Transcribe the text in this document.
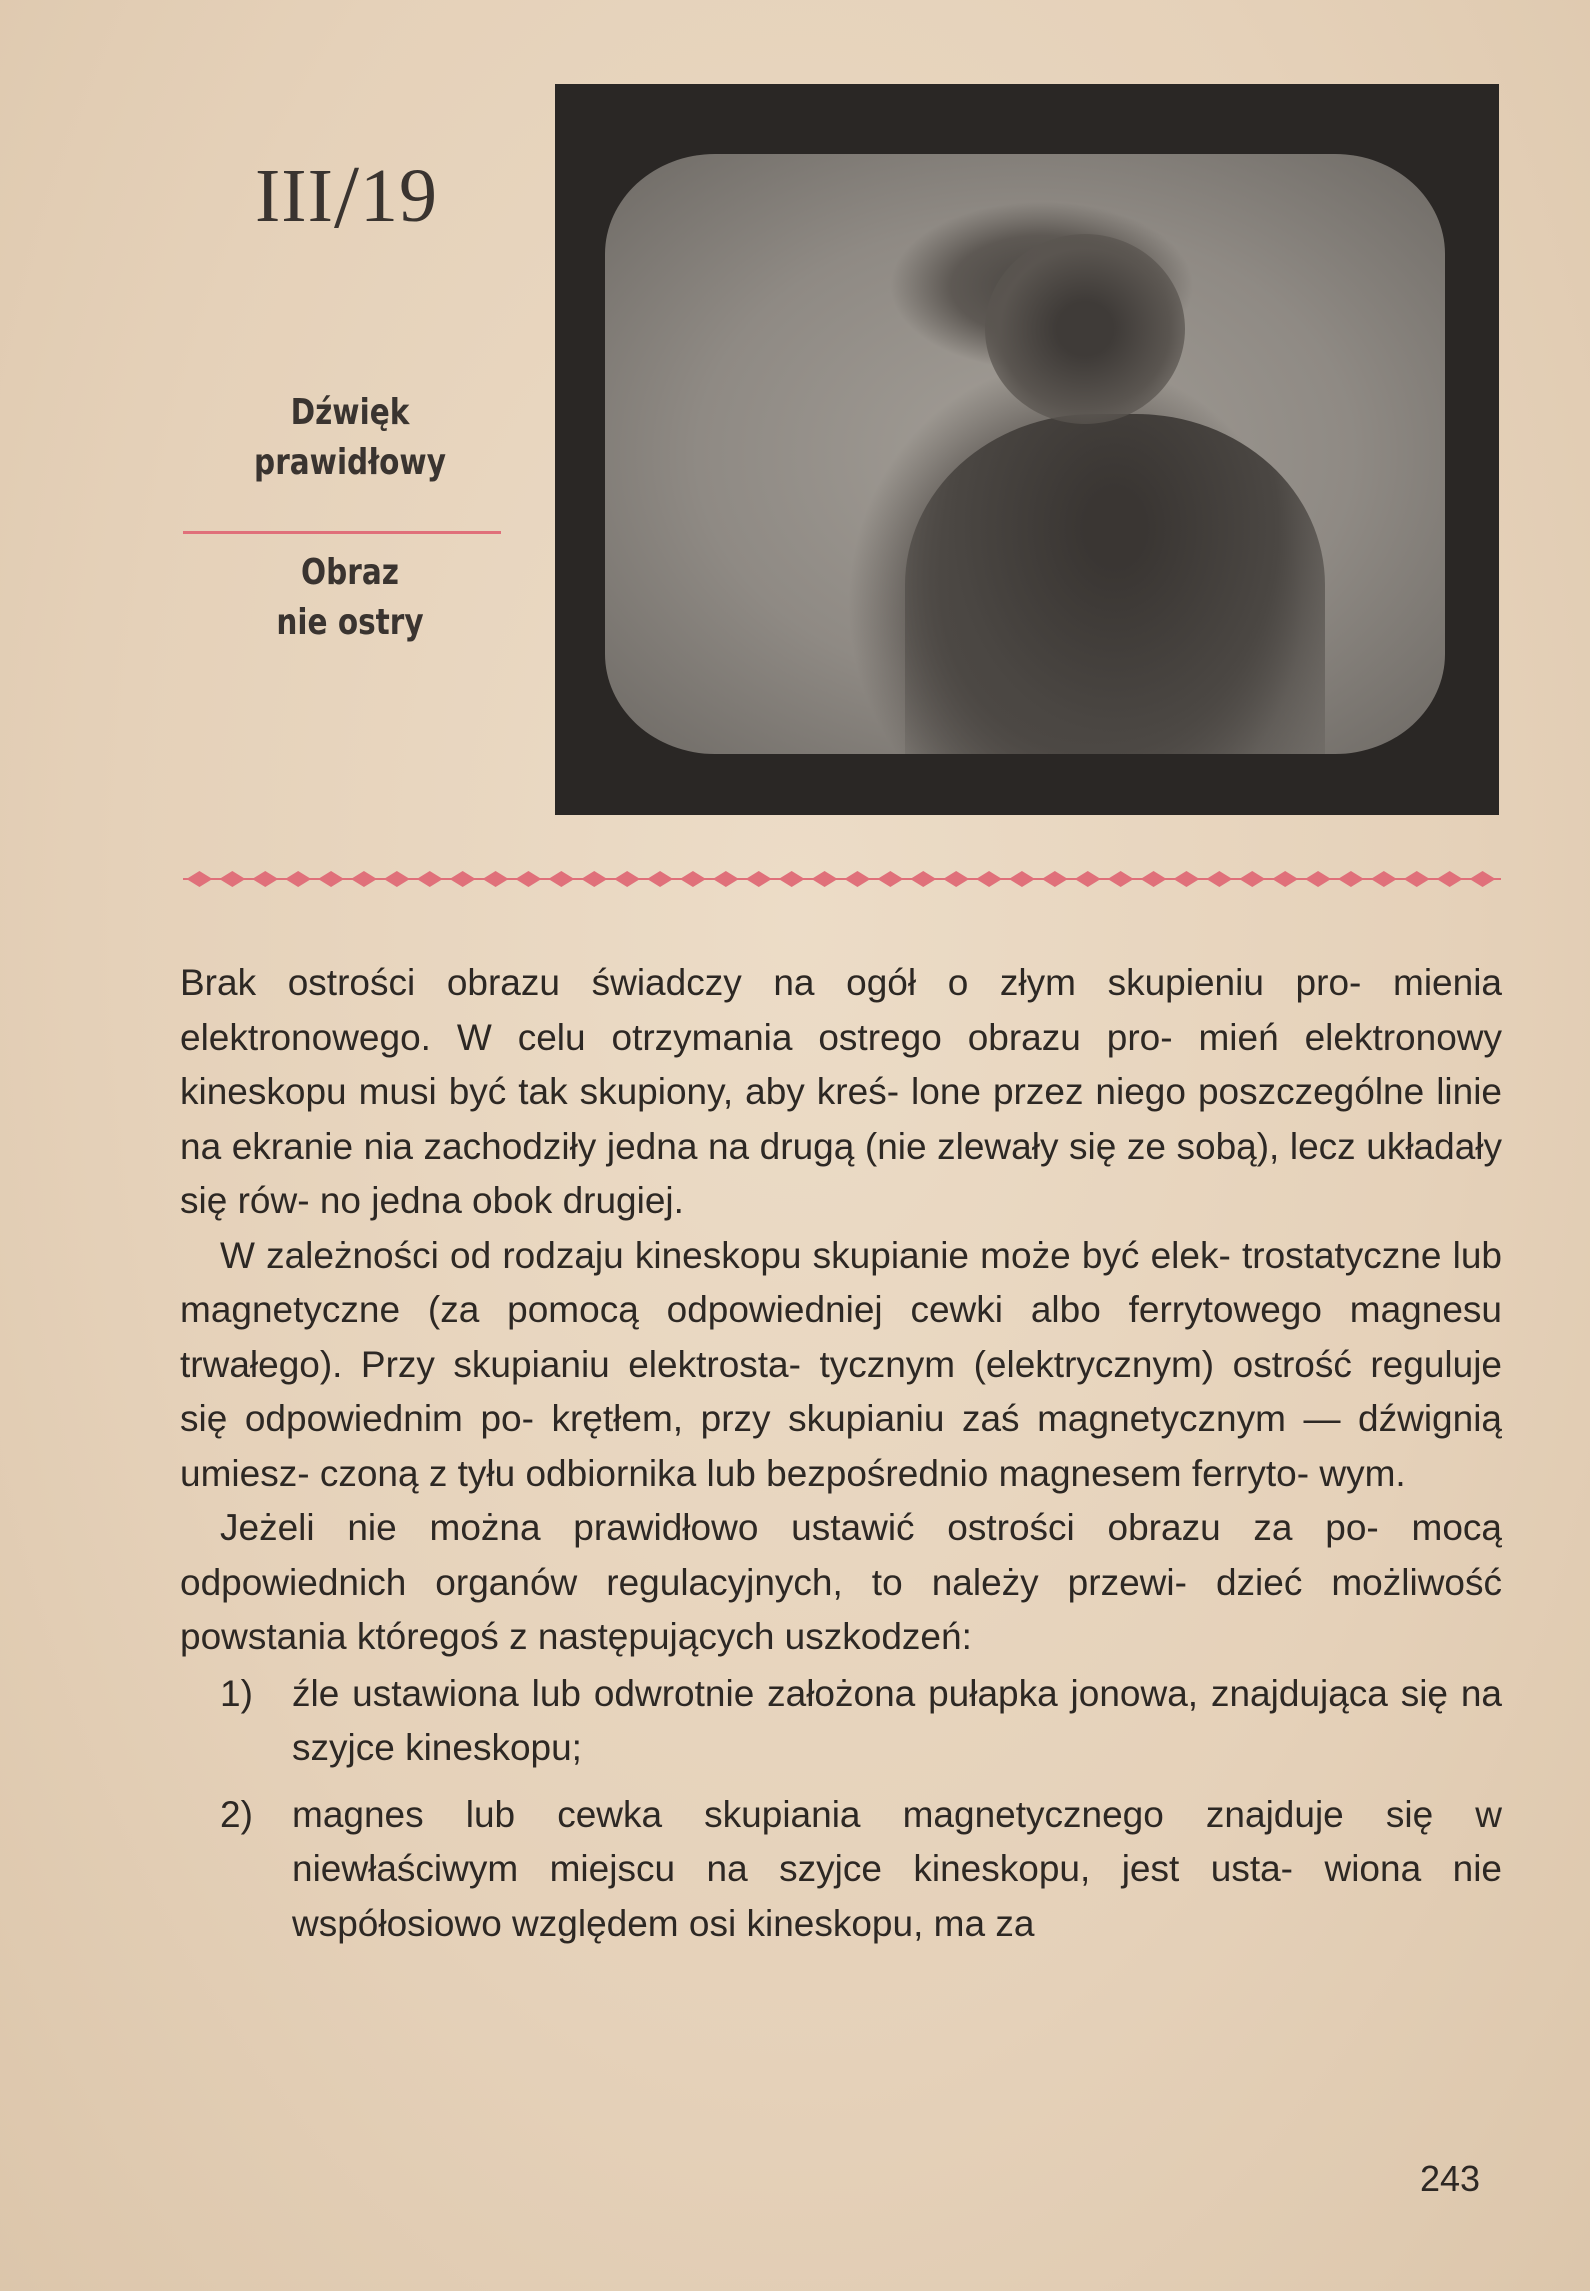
III/19
Dźwięk
prawidłowy
Obraz
nie ostry

Brak ostrości obrazu świadczy na ogół o złym skupieniu pro- mienia elektronowego. W celu otrzymania ostrego obrazu pro- mień elektronowy kineskopu musi być tak skupiony, aby kreś- lone przez niego poszczególne linie na ekranie nia zachodziły jedna na drugą (nie zlewały się ze sobą), lecz układały się rów- no jedna obok drugiej.

W zależności od rodzaju kineskopu skupianie może być elek- trostatyczne lub magnetyczne (za pomocą odpowiedniej cewki albo ferrytowego magnesu trwałego). Przy skupianiu elektrosta- tycznym (elektrycznym) ostrość reguluje się odpowiednim po- krętłem, przy skupianiu zaś magnetycznym — dźwignią umiesz- czoną z tyłu odbiornika lub bezpośrednio magnesem ferryto- wym.

Jeżeli nie można prawidłowo ustawić ostrości obrazu za po- mocą odpowiednich organów regulacyjnych, to należy przewi- dzieć możliwość powstania któregoś z następujących uszkodzeń:

1)	źle ustawiona lub odwrotnie założona pułapka jonowa, znajdująca się na szyjce kineskopu;
2)	magnes lub cewka skupiania magnetycznego znajduje się w niewłaściwym miejscu na szyjce kineskopu, jest usta- wiona nie współosiowo względem osi kineskopu, ma za
243
